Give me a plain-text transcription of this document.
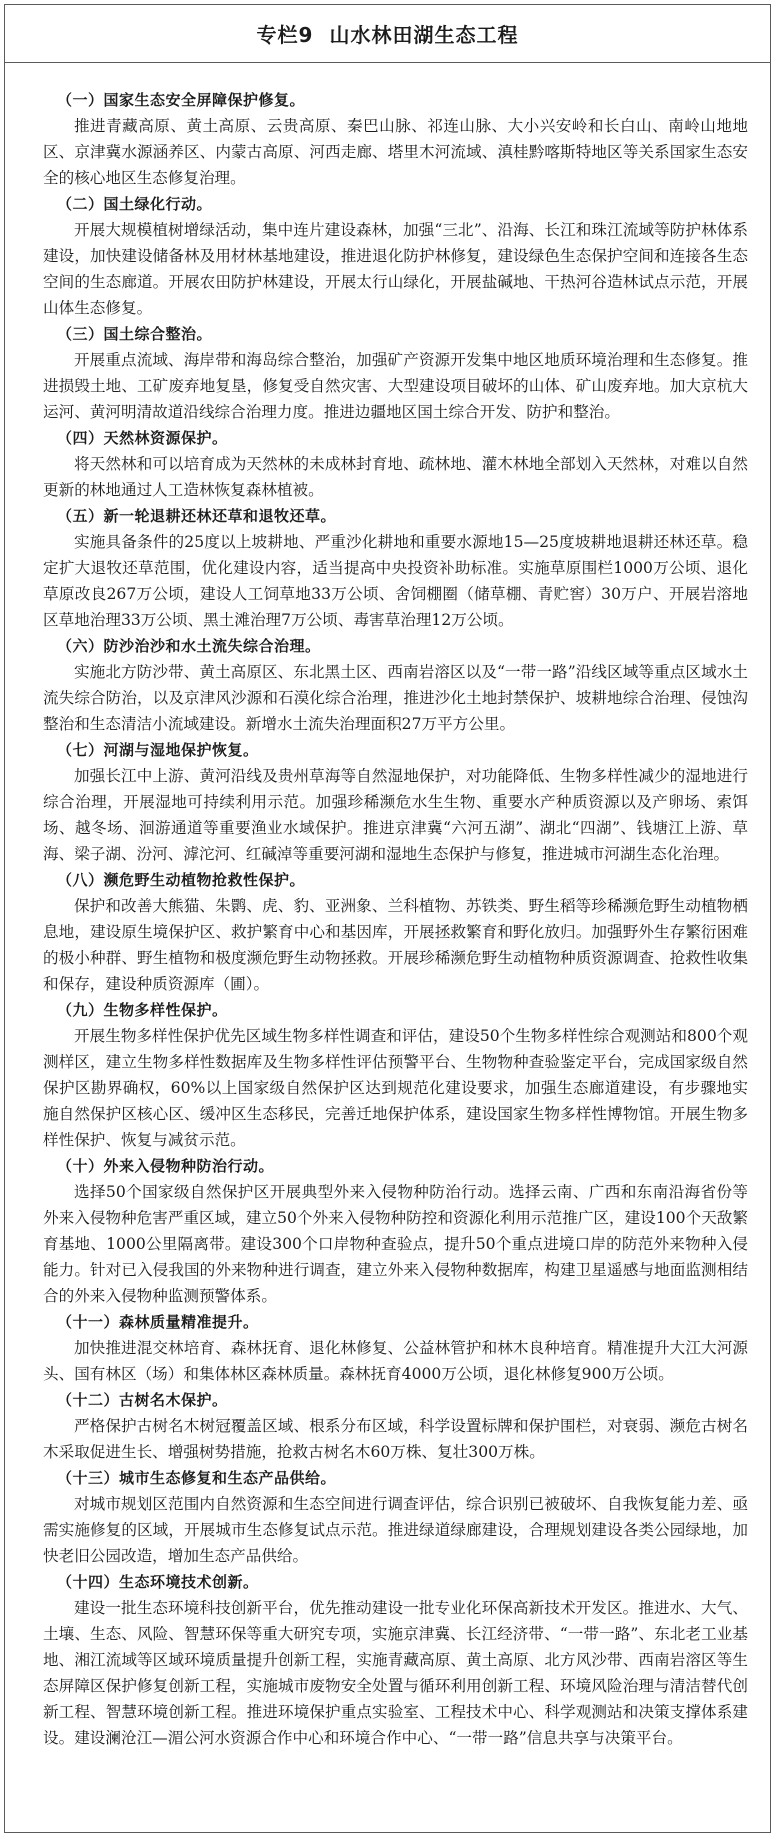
专栏9 山水林田湖生态工程

（一）国家生态安全屏障保护修复。

推进青藏高原、黄土高原、云贵高原、秦巴山脉、祁连山脉、大小兴安岭和长白山、南岭山地地区、京津冀水源涵养区、内蒙古高原、河西走廊、塔里木河流域、滇桂黔喀斯特地区等关系国家生态安全的核心地区生态修复治理。

（二）国土绿化行动。

开展大规模植树增绿活动，集中连片建设森林，加强“三北”、沿海、长江和珠江流域等防护林体系建设，加快建设储备林及用材林基地建设，推进退化防护林修复，建设绿色生态保护空间和连接各生态空间的生态廊道。开展农田防护林建设，开展太行山绿化，开展盐碱地、干热河谷造林试点示范，开展山体生态修复。

（三）国土综合整治。

开展重点流域、海岸带和海岛综合整治，加强矿产资源开发集中地区地质环境治理和生态修复。推进损毁土地、工矿废弃地复垦，修复受自然灾害、大型建设项目破坏的山体、矿山废弃地。加大京杭大运河、黄河明清故道沿线综合治理力度。推进边疆地区国土综合开发、防护和整治。

（四）天然林资源保护。

将天然林和可以培育成为天然林的未成林封育地、疏林地、灌木林地全部划入天然林，对难以自然更新的林地通过人工造林恢复森林植被。

（五）新一轮退耕还林还草和退牧还草。

实施具备条件的25度以上坡耕地、严重沙化耕地和重要水源地15—25度坡耕地退耕还林还草。稳定扩大退牧还草范围，优化建设内容，适当提高中央投资补助标准。实施草原围栏1000万公顷、退化草原改良267万公顷，建设人工饲草地33万公顷、舍饲棚圈（储草棚、青贮窖）30万户、开展岩溶地区草地治理33万公顷、黑土滩治理7万公顷、毒害草治理12万公顷。

（六）防沙治沙和水土流失综合治理。

实施北方防沙带、黄土高原区、东北黑土区、西南岩溶区以及“一带一路”沿线区域等重点区域水土流失综合防治，以及京津风沙源和石漠化综合治理，推进沙化土地封禁保护、坡耕地综合治理、侵蚀沟整治和生态清洁小流域建设。新增水土流失治理面积27万平方公里。

（七）河湖与湿地保护恢复。

加强长江中上游、黄河沿线及贵州草海等自然湿地保护，对功能降低、生物多样性减少的湿地进行综合治理，开展湿地可持续利用示范。加强珍稀濒危水生生物、重要水产种质资源以及产卵场、索饵场、越冬场、洄游通道等重要渔业水域保护。推进京津冀“六河五湖”、湖北“四湖”、钱塘江上游、草海、梁子湖、汾河、滹沱河、红碱淖等重要河湖和湿地生态保护与修复，推进城市河湖生态化治理。

（八）濒危野生动植物抢救性保护。

保护和改善大熊猫、朱鹮、虎、豹、亚洲象、兰科植物、苏铁类、野生稻等珍稀濒危野生动植物栖息地，建设原生境保护区、救护繁育中心和基因库，开展拯救繁育和野化放归。加强野外生存繁衍困难的极小种群、野生植物和极度濒危野生动物拯救。开展珍稀濒危野生动植物种质资源调查、抢救性收集和保存，建设种质资源库（圃）。

（九）生物多样性保护。

开展生物多样性保护优先区域生物多样性调查和评估，建设50个生物多样性综合观测站和800个观测样区，建立生物多样性数据库及生物多样性评估预警平台、生物物种查验鉴定平台，完成国家级自然保护区勘界确权，60%以上国家级自然保护区达到规范化建设要求，加强生态廊道建设，有步骤地实施自然保护区核心区、缓冲区生态移民，完善迁地保护体系，建设国家生物多样性博物馆。开展生物多样性保护、恢复与减贫示范。

（十）外来入侵物种防治行动。

选择50个国家级自然保护区开展典型外来入侵物种防治行动。选择云南、广西和东南沿海省份等外来入侵物种危害严重区域，建立50个外来入侵物种防控和资源化利用示范推广区，建设100个天敌繁育基地、1000公里隔离带。建设300个口岸物种查验点，提升50个重点进境口岸的防范外来物种入侵能力。针对已入侵我国的外来物种进行调查，建立外来入侵物种数据库，构建卫星遥感与地面监测相结合的外来入侵物种监测预警体系。

（十一）森林质量精准提升。

加快推进混交林培育、森林抚育、退化林修复、公益林管护和林木良种培育。精准提升大江大河源头、国有林区（场）和集体林区森林质量。森林抚育4000万公顷，退化林修复900万公顷。

（十二）古树名木保护。

严格保护古树名木树冠覆盖区域、根系分布区域，科学设置标牌和保护围栏，对衰弱、濒危古树名木采取促进生长、增强树势措施，抢救古树名木60万株、复壮300万株。

（十三）城市生态修复和生态产品供给。

对城市规划区范围内自然资源和生态空间进行调查评估，综合识别已被破坏、自我恢复能力差、亟需实施修复的区域，开展城市生态修复试点示范。推进绿道绿廊建设，合理规划建设各类公园绿地，加快老旧公园改造，增加生态产品供给。

（十四）生态环境技术创新。

建设一批生态环境科技创新平台，优先推动建设一批专业化环保高新技术开发区。推进水、大气、土壤、生态、风险、智慧环保等重大研究专项，实施京津冀、长江经济带、“一带一路”、东北老工业基地、湘江流域等区域环境质量提升创新工程，实施青藏高原、黄土高原、北方风沙带、西南岩溶区等生态屏障区保护修复创新工程，实施城市废物安全处置与循环利用创新工程、环境风险治理与清洁替代创新工程、智慧环境创新工程。推进环境保护重点实验室、工程技术中心、科学观测站和决策支撑体系建设。建设澜沧江—湄公河水资源合作中心和环境合作中心、“一带一路”信息共享与决策平台。
